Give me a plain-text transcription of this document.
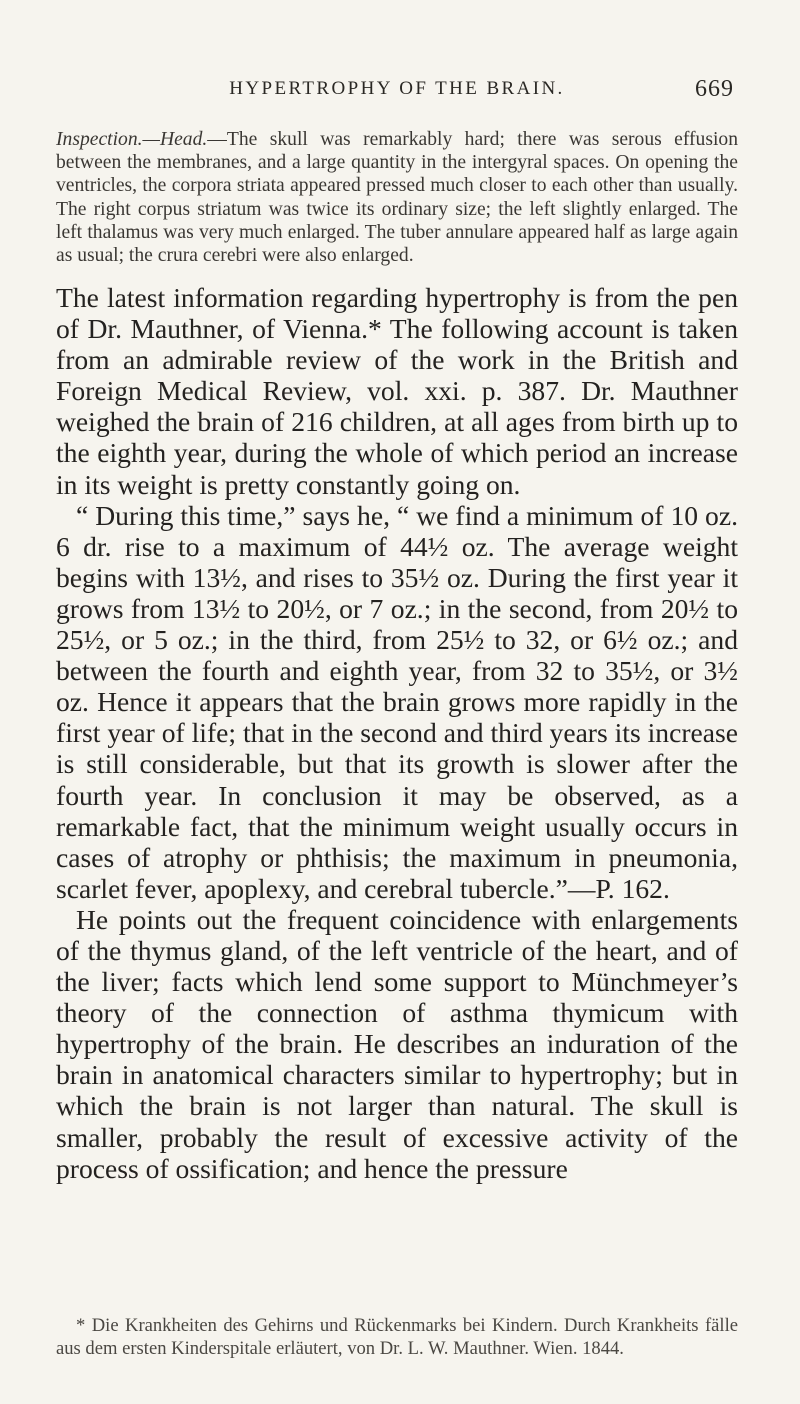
HYPERTROPHY OF THE BRAIN.	669
Inspection.—Head.—The skull was remarkably hard; there was serous effusion between the membranes, and a large quantity in the intergyral spaces. On opening the ventricles, the corpora striata appeared pressed much closer to each other than usually. The right corpus striatum was twice its ordinary size; the left slightly enlarged. The left thalamus was very much enlarged. The tuber annulare appeared half as large again as usual; the crura cerebri were also enlarged.

The latest information regarding hypertrophy is from the pen of Dr. Mauthner, of Vienna.* The following account is taken from an admirable review of the work in the British and Foreign Medical Review, vol. xxi. p. 387. Dr. Mauthner weighed the brain of 216 children, at all ages from birth up to the eighth year, during the whole of which period an increase in its weight is pretty constantly going on.

“ During this time,” says he, “ we find a minimum of 10 oz. 6 dr. rise to a maximum of 44½ oz. The average weight begins with 13½, and rises to 35½ oz. During the first year it grows from 13½ to 20½, or 7 oz.; in the second, from 20½ to 25½, or 5 oz.; in the third, from 25½ to 32, or 6½ oz.; and between the fourth and eighth year, from 32 to 35½, or 3½ oz. Hence it appears that the brain grows more rapidly in the first year of life; that in the second and third years its increase is still considerable, but that its growth is slower after the fourth year. In conclusion it may be observed, as a remarkable fact, that the minimum weight usually occurs in cases of atrophy or phthisis; the maximum in pneumonia, scarlet fever, apoplexy, and cerebral tubercle.”—P. 162.

He points out the frequent coincidence with enlargements of the thymus gland, of the left ventricle of the heart, and of the liver; facts which lend some support to Münchmeyer’s theory of the connection of asthma thymicum with hypertrophy of the brain. He describes an induration of the brain in anatomical characters similar to hypertrophy; but in which the brain is not larger than natural. The skull is smaller, probably the result of excessive activity of the process of ossification; and hence the pressure

* Die Krankheiten des Gehirns und Rückenmarks bei Kindern. Durch Krankheits fälle aus dem ersten Kinderspitale erläutert, von Dr. L. W. Mauthner. Wien. 1844.
